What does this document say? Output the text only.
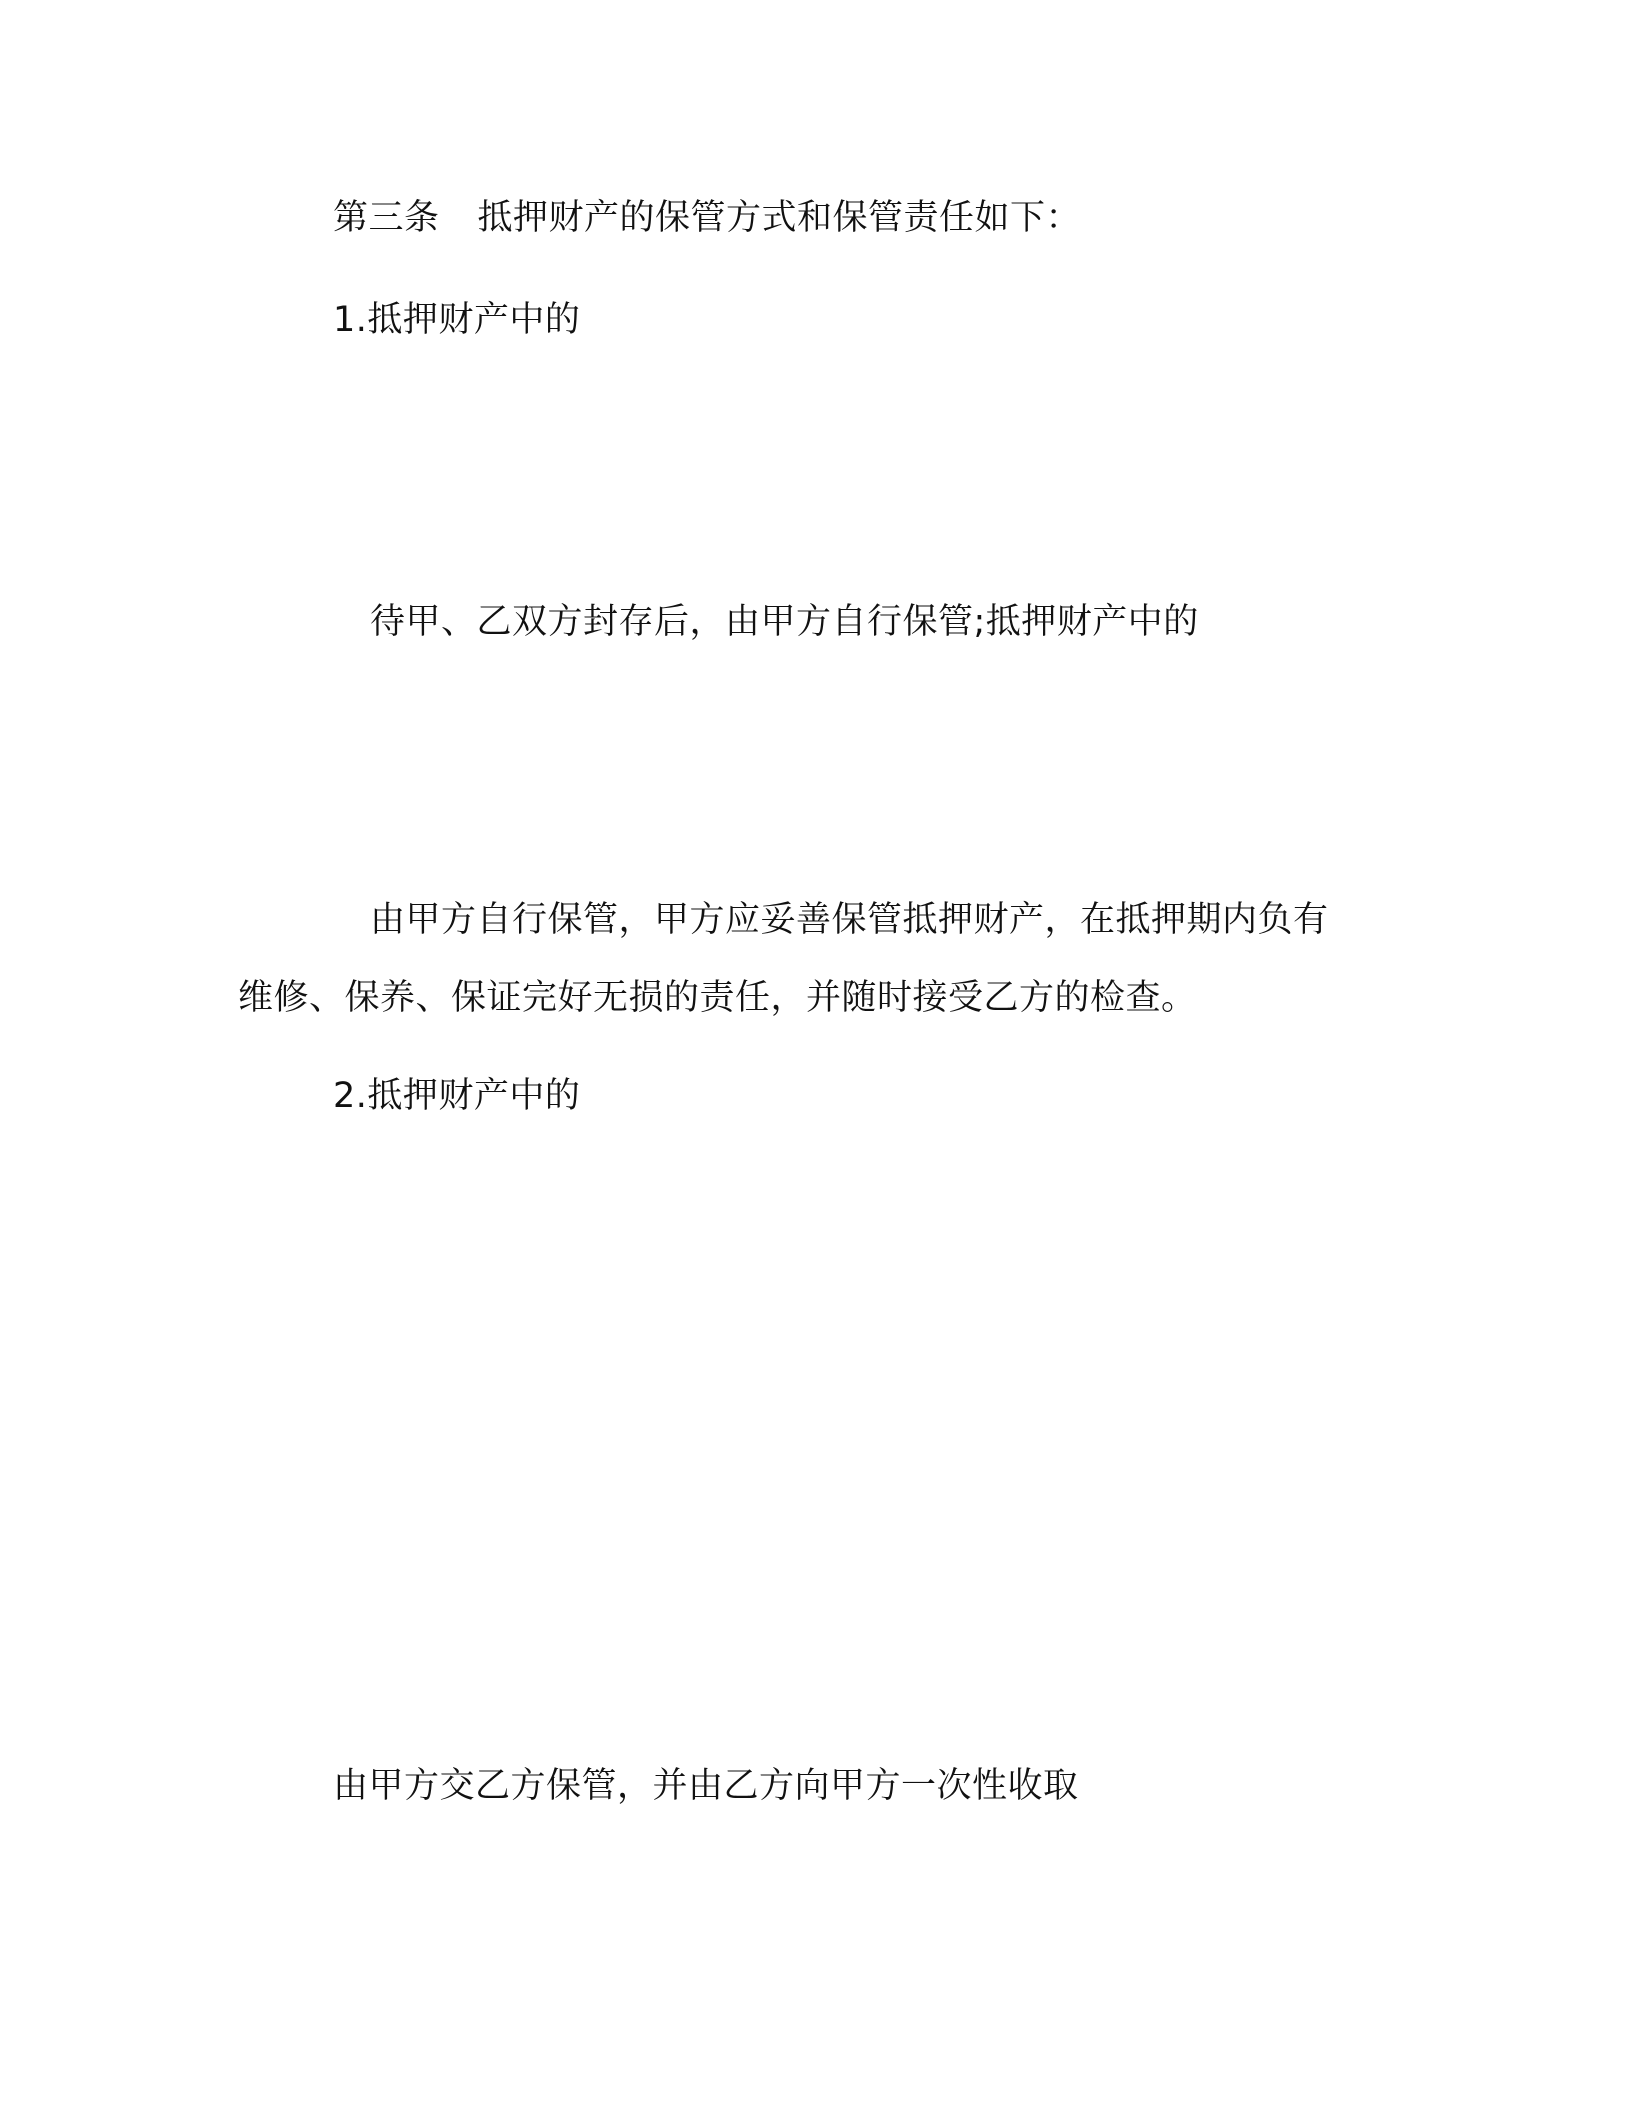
第三条 抵押财产的保管方式和保管责任如下：
1.抵押财产中的
待甲、乙双方封存后，由甲方自行保管;抵押财产中的
由甲方自行保管，甲方应妥善保管抵押财产，在抵押期内负有
维修、保养、保证完好无损的责任，并随时接受乙方的检查。
2.抵押财产中的
由甲方交乙方保管，并由乙方向甲方一次性收取
